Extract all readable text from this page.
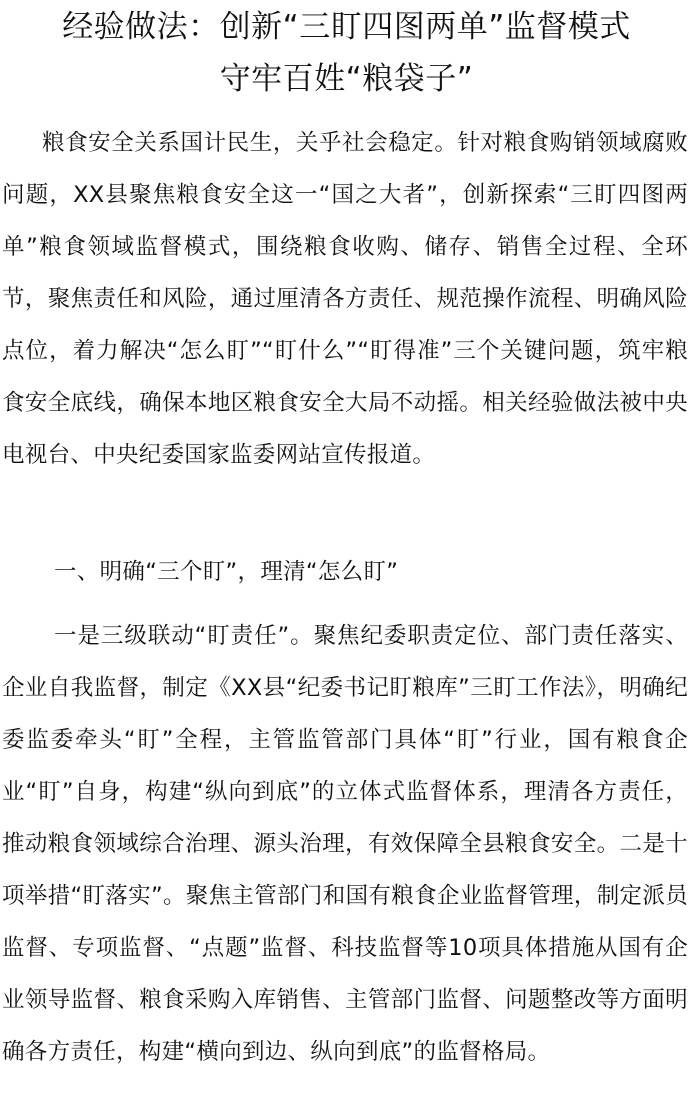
经验做法：创新“三盯四图两单”监督模式
守牢百姓“粮袋子”

粮食安全关系国计民生，关乎社会稳定。针对粮食购销领域腐败问题，XX县聚焦粮食安全这一“国之大者”，创新探索“三盯四图两单”粮食领域监督模式，围绕粮食收购、储存、销售全过程、全环节，聚焦责任和风险，通过厘清各方责任、规范操作流程、明确风险点位，着力解决“怎么盯”“盯什么”“盯得准”三个关键问题，筑牢粮食安全底线，确保本地区粮食安全大局不动摇。相关经验做法被中央电视台、中央纪委国家监委网站宣传报道。

一、明确“三个盯”，理清“怎么盯”

一是三级联动“盯责任”。聚焦纪委职责定位、部门责任落实、企业自我监督，制定《XX县“纪委书记盯粮库”三盯工作法》，明确纪委监委牵头“盯”全程，主管监管部门具体“盯”行业，国有粮食企业“盯”自身，构建“纵向到底”的立体式监督体系，理清各方责任，推动粮食领域综合治理、源头治理，有效保障全县粮食安全。二是十项举措“盯落实”。聚焦主管部门和国有粮食企业监督管理，制定派员监督、专项监督、“点题”监督、科技监督等10项具体措施从国有企业领导监督、粮食采购入库销售、主管部门监督、问题整改等方面明确各方责任，构建“横向到边、纵向到底”的监督格局。
